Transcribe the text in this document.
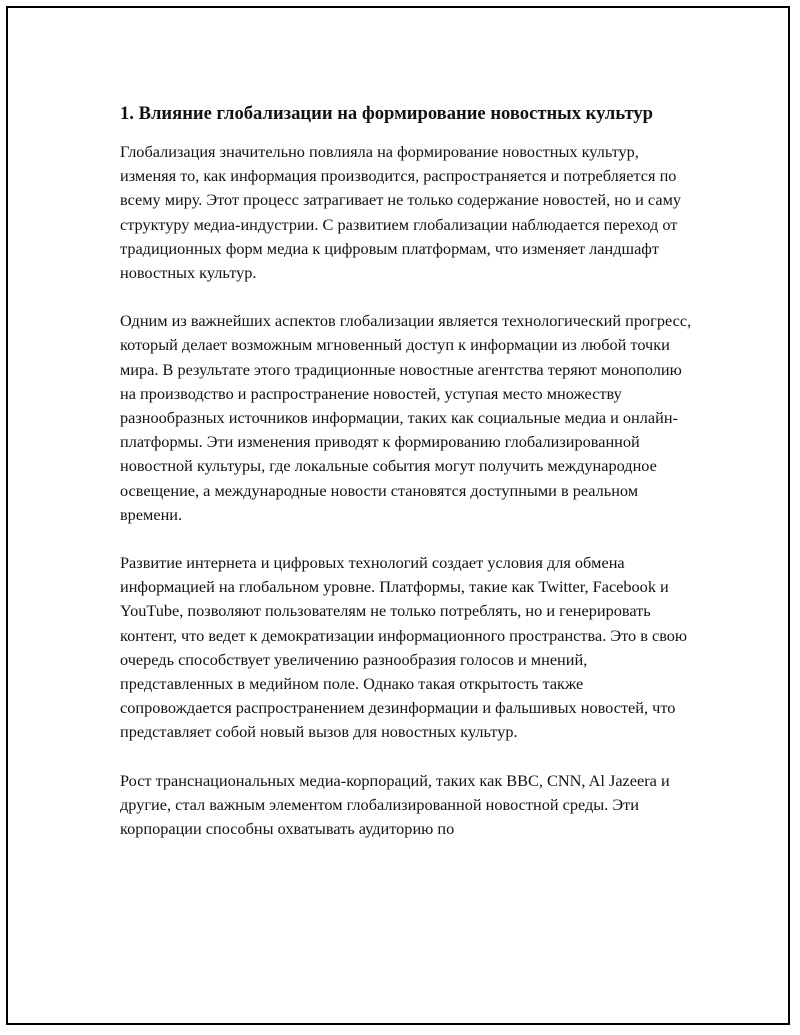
1. Влияние глобализации на формирование новостных культур

Глобализация значительно повлияла на формирование новостных культур, изменяя то, как информация производится, распространяется и потребляется по всему миру. Этот процесс затрагивает не только содержание новостей, но и саму структуру медиа-индустрии. С развитием глобализации наблюдается переход от традиционных форм медиа к цифровым платформам, что изменяет ландшафт новостных культур.

Одним из важнейших аспектов глобализации является технологический прогресс, который делает возможным мгновенный доступ к информации из любой точки мира. В результате этого традиционные новостные агентства теряют монополию на производство и распространение новостей, уступая место множеству разнообразных источников информации, таких как социальные медиа и онлайн-платформы. Эти изменения приводят к формированию глобализированной новостной культуры, где локальные события могут получить международное освещение, а международные новости становятся доступными в реальном времени.

Развитие интернета и цифровых технологий создает условия для обмена информацией на глобальном уровне. Платформы, такие как Twitter, Facebook и YouTube, позволяют пользователям не только потреблять, но и генерировать контент, что ведет к демократизации информационного пространства. Это в свою очередь способствует увеличению разнообразия голосов и мнений, представленных в медийном поле. Однако такая открытость также сопровождается распространением дезинформации и фальшивых новостей, что представляет собой новый вызов для новостных культур.

Рост транснациональных медиа-корпораций, таких как BBC, CNN, Al Jazeera и другие, стал важным элементом глобализированной новостной среды. Эти корпорации способны охватывать аудиторию по
